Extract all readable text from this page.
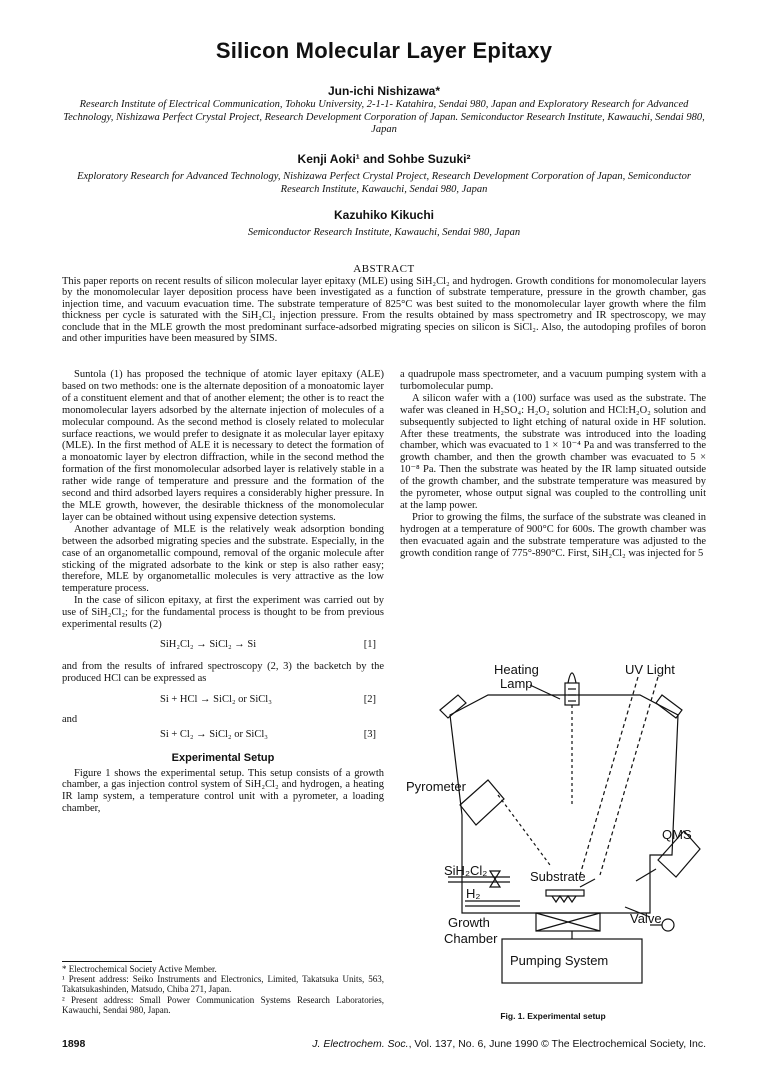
Silicon Molecular Layer Epitaxy
Jun-ichi Nishizawa*
Research Institute of Electrical Communication, Tohoku University, 2-1-1- Katahira, Sendai 980, Japan and Exploratory Research for Advanced Technology, Nishizawa Perfect Crystal Project, Research Development Corporation of Japan. Semiconductor Research Institute, Kawauchi, Sendai 980, Japan
Kenji Aoki¹ and Sohbe Suzuki²
Exploratory Research for Advanced Technology, Nishizawa Perfect Crystal Project, Research Development Corporation of Japan, Semiconductor Research Institute, Kawauchi, Sendai 980, Japan
Kazuhiko Kikuchi
Semiconductor Research Institute, Kawauchi, Sendai 980, Japan
ABSTRACT
This paper reports on recent results of silicon molecular layer epitaxy (MLE) using SiH₂Cl₂ and hydrogen. Growth conditions for monomolecular layers by the monomolecular layer deposition process have been investigated as a function of substrate temperature, pressure in the growth chamber, gas injection time, and vacuum evacuation time. The substrate temperature of 825°C was best suited to the monomolecular layer growth where the film thickness per cycle is saturated with the SiH₂Cl₂ injection pressure. From the results obtained by mass spectrometry and IR spectroscopy, we may conclude that in the MLE growth the most predominant surface-adsorbed migrating species on silicon is SiCl₂. Also, the autodoping profiles of boron and other impurities have been measured by SIMS.

Suntola (1) has proposed the technique of atomic layer epitaxy (ALE) based on two methods: one is the alternate deposition of a monoatomic layer of a constituent element and that of another element; the other is to react the monomolecular layers adsorbed by the alternate injection of molecules of a molecular compound. As the second method is closely related to molecular surface reactions, we would prefer to designate it as molecular layer epitaxy (MLE). In the first method of ALE it is necessary to detect the formation of a monoatomic layer by electron diffraction, while in the second method the formation of the first monomolecular adsorbed layer is relatively stable in a rather wide range of temperature and pressure and the formation of the second and third adsorbed layers requires a considerably higher pressure. In the MLE growth, however, the desirable thickness of the monomolecular layer can be obtained without using expensive detection systems.

Another advantage of MLE is the relatively weak adsorption bonding between the adsorbed migrating species and the substrate. Especially, in the case of an organometallic compound, removal of the organic molecule after sticking of the migrated adsorbate to the kink or step is also rather easy; therefore, MLE by organometallic molecules is very attractive as the low temperature process.

In the case of silicon epitaxy, at first the experiment was carried out by use of SiH₂Cl₂; for the fundamental process is thought to be from previous experimental results (2)

SiH₂Cl₂ → SiCl₂ → Si	[1]

and from the results of infrared spectroscopy (2, 3) the backetch by the produced HCl can be expressed as

Si + HCl → SiCl₂ or SiCl₃	[2]

and

Si + Cl₂ → SiCl₂ or SiCl₃	[3]
Experimental Setup

Figure 1 shows the experimental setup. This setup consists of a growth chamber, a gas injection control system of SiH₂Cl₂ and hydrogen, a heating IR lamp system, a temperature control unit with a pyrometer, a loading chamber,

a quadrupole mass spectrometer, and a vacuum pumping system with a turbomolecular pump.

A silicon wafer with a (100) surface was used as the substrate. The wafer was cleaned in H₂SO₄: H₂O₂ solution and HCl:H₂O₂ solution and subsequently subjected to light etching of natural oxide in HF solution. After these treatments, the substrate was introduced into the loading chamber, which was evacuated to 1 × 10⁻⁴ Pa and was transferred to the growth chamber, and then the growth chamber was evacuated to 5 × 10⁻⁸ Pa. Then the substrate was heated by the IR lamp situated outside of the growth chamber, and the substrate temperature was measured by the pyrometer, whose output signal was coupled to the controlling unit at the lamp power.

Prior to growing the films, the surface of the substrate was cleaned in hydrogen at a temperature of 900°C for 600s. The growth chamber was then evacuated again and the substrate temperature was adjusted to the growth condition range of 775°-890°C. First, SiH₂Cl₂ was injected for 5

Heating
Lamp
UV Light
Pyrometer
QMS
SiH₂Cl₂
H₂
Substrate
Growth
Chamber
Valve
Pumping System
Fig. 1. Experimental setup
* Electrochemical Society Active Member.
¹ Present address: Seiko Instruments and Electronics, Limited, Takatsuka Units, 563, Takatsukashinden, Matsudo, Chiba 271, Japan.
² Present address: Small Power Communication Systems Research Laboratories, Kawauchi, Sendai 980, Japan.
1898	J. Electrochem. Soc., Vol. 137, No. 6, June 1990 © The Electrochemical Society, Inc.
